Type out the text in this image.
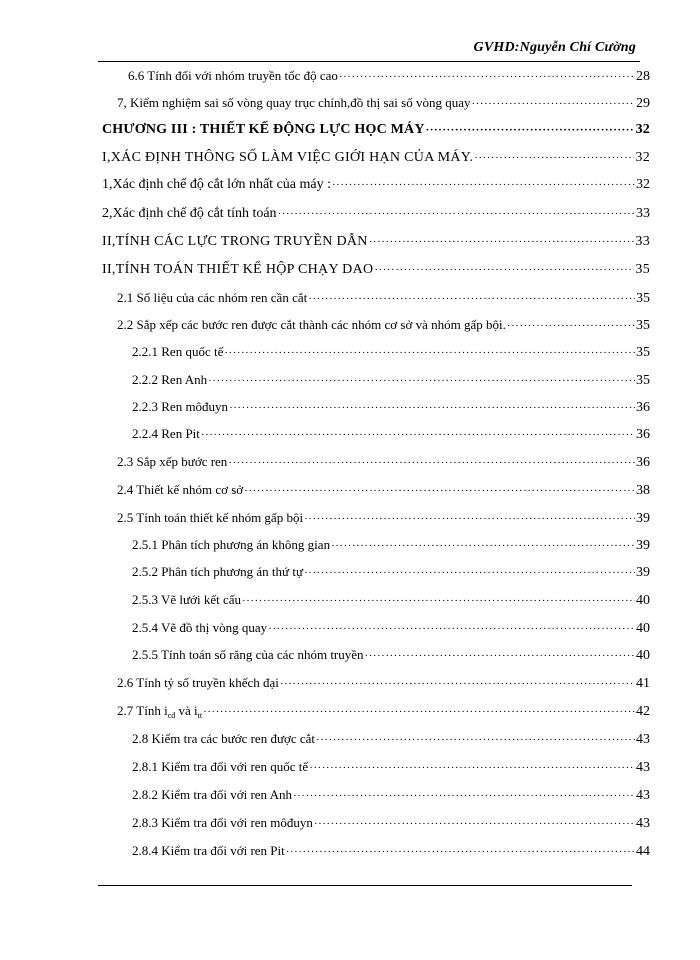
GVHD:Nguyễn Chí Cường
6.6 Tính đối với nhóm truyền tốc độ cao ·····	28
7, Kiểm nghiệm sai số vòng quay trục chính,đồ thị sai số vòng quay ·····	29
CHƯƠNG III : THIẾT KẾ ĐỘNG LỰC HỌC MÁY ·····	32
I,XÁC ĐỊNH THÔNG SỐ LÀM VIỆC GIỚI HẠN CỦA MÁY. ·····	32
1,Xác định chế độ cắt lớn nhất của máy : ·····	32
2,Xác định chế độ cắt tính toán ·····	33
II,TÍNH CÁC LỰC TRONG TRUYỀN DẪN ·····	33
II,TÍNH TOÁN THIẾT KẾ HỘP CHẠY DAO ·····	35
2.1 Số liệu của các nhóm ren cần cắt ·····	35
2.2 Sắp xếp các bước ren được cắt thành các nhóm cơ sở và nhóm gấp bội. ·····	35
2.2.1 Ren quốc tế ·····	35
2.2.2 Ren Anh ·····	35
2.2.3 Ren môđuyn ·····	36
2.2.4 Ren Pit ·····	36
2.3 Sắp xếp bước ren ·····	36
2.4 Thiết kế nhóm cơ sở ·····	38
2.5 Tính toán thiết kế nhóm gấp bội ·····	39
2.5.1 Phân tích phương án không gian ·····	39
2.5.2 Phân tích phương án thứ tự ·····	39
2.5.3 Vẽ lưới kết cấu ·····	40
2.5.4 Vẽ đồ thị vòng quay ·····	40
2.5.5 Tính toán số răng của các nhóm truyền ·····	40
2.6 Tính tỷ số truyền khếch đại ·····	41
2.7 Tính $i_{cđ}$ và $i_{tt}$ ·····	42
2.8 Kiểm tra các bước ren được cắt ·····	43
2.8.1 Kiểm tra đối với ren quốc tế ·····	43
2.8.2 Kiểm tra đối với ren Anh ·····	43
2.8.3 Kiểm tra đối với ren môđuyn ·····	43
2.8.4 Kiểm tra đối với ren Pit ·····	44
